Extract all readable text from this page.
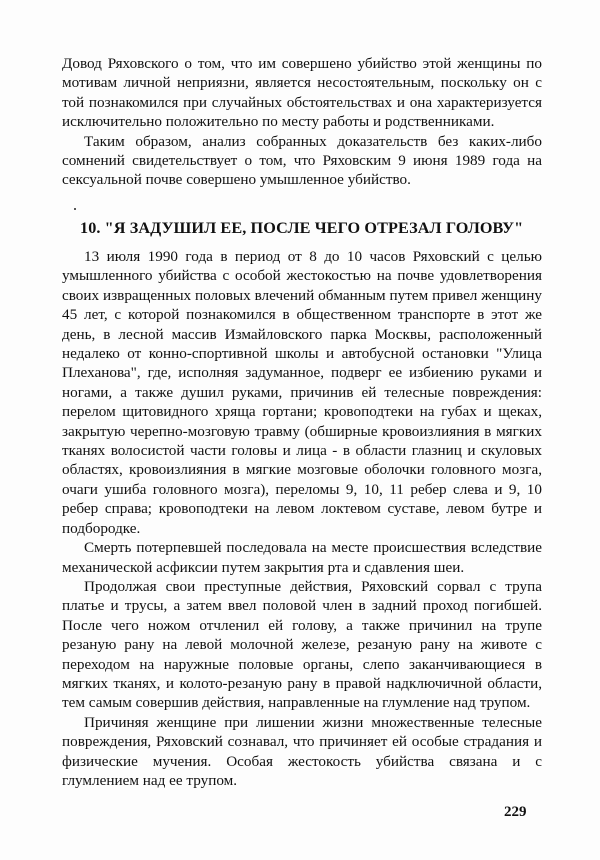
Довод Ряховского о том, что им совершено убийство этой женщины по мотивам личной неприязни, является несостоятельным, поскольку он с той познакомился при случайных обстоятельствах и она характеризуется исключительно положительно по месту работы и родственниками.

Таким образом, анализ собранных доказательств без каких-либо сомнений свидетельствует о том, что Ряховским 9 июня 1989 года на сексуальной почве совершено умышленное убийство.

10. "Я ЗАДУШИЛ ЕЕ, ПОСЛЕ ЧЕГО ОТРЕЗАЛ ГОЛОВУ"

13 июля 1990 года в период от 8 до 10 часов Ряховский с целью умышленного убийства с особой жестокостью на почве удовлетворения своих извращенных половых влечений обманным путем привел женщину 45 лет, с которой познакомился в общественном транспорте в этот же день, в лесной массив Измайловского парка Москвы, расположенный недалеко от конно-спортивной школы и автобусной остановки "Улица Плеханова", где, исполняя задуманное, подверг ее избиению руками и ногами, а также душил руками, причинив ей телесные повреждения: перелом щитовидного хряща гортани; кровоподтеки на губах и щеках, закрытую черепно-мозговую травму (обширные кровоизлияния в мягких тканях волосистой части головы и лица - в области глазниц и скуловых областях, кровоизлияния в мягкие мозговые оболочки головного мозга, очаги ушиба головного мозга), переломы 9, 10, 11 ребер слева и 9, 10 ребер справа; кровоподтеки на левом локтевом суставе, левом бутре и подбородке.

Смерть потерпевшей последовала на месте происшествия вследствие механической асфиксии путем закрытия рта и сдавления шеи.

Продолжая свои преступные действия, Ряховский сорвал с трупа платье и трусы, а затем ввел половой член в задний проход погибшей. После чего ножом отчленил ей голову, а также причинил на трупе резаную рану на левой молочной железе, резаную рану на животе с переходом на наружные половые органы, слепо заканчивающиеся в мягких тканях, и колото-резаную рану в правой надключичной области, тем самым совершив действия, направленные на глумление над трупом.

Причиняя женщине при лишении жизни множественные телесные повреждения, Ряховский сознавал, что причиняет ей особые страдания и физические мучения. Особая жестокость убийства связана и с глумлением над ее трупом.

229
